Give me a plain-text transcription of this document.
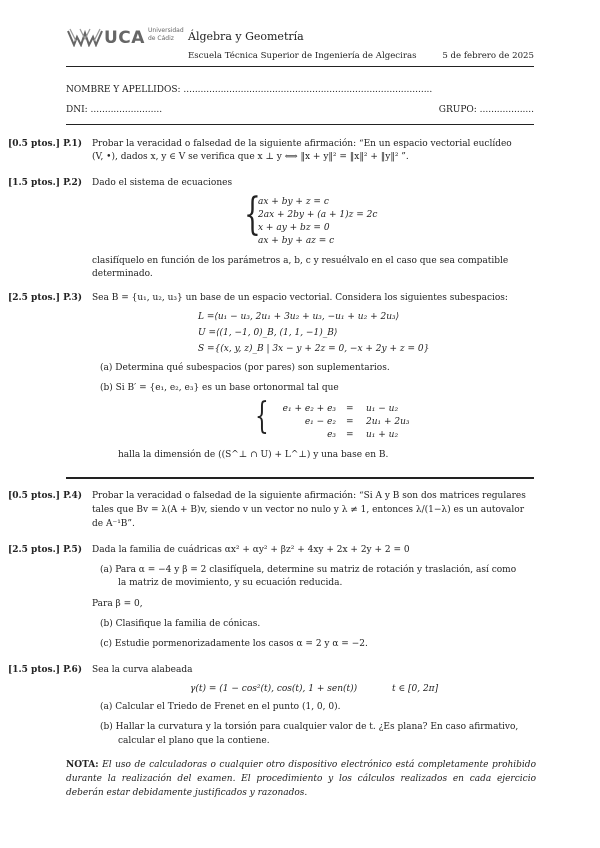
UCA Universidad
de Cádiz Álgebra y Geometría
Escuela Técnica Superior de Ingeniería de Algeciras	5 de febrero de 2025
NOMBRE Y APELLIDOS: .......................................................................................
DNI: .........................	GRUPO: ...................
[0.5 ptos.] P.1) Probar la veracidad o falsedad de la siguiente afirmación: “En un espacio vectorial euclídeo
(V, •), dados x, y ∈ V se verifica que x ⊥ y ⟺ ‖x + y‖² = ‖x‖² + ‖y‖² ”.
[1.5 ptos.] P.2) Dado el sistema de ecuaciones
{
ax + by + z = c
2ax + 2by + (a + 1)z = 2c
x + ay + bz = 0
ax + by + az = c
clasifíquelo en función de los parámetros a, b, c y resuélvalo en el caso que sea compatible
determinado.
[2.5 ptos.] P.3) Sea B = {u₁, u₂, u₃} un base de un espacio vectorial. Considera los siguientes subespacios:
L =⟨u₁ − u₃, 2u₁ + 3u₂ + u₃, −u₁ + u₂ + 2u₃⟩
U =⟨(1, −1, 0)_B, (1, 1, −1)_B⟩
S ={(x, y, z)_B | 3x − y + 2z = 0, −x + 2y + z = 0}
(a) Determina qué subespacios (por pares) son suplementarios.
(b) Si B′ = {e₁, e₂, e₃} es un base ortonormal tal que
{	e₁ + e₂ + e₃ = u₁ − u₂
e₁ − e₂ = 2u₁ + 2u₃
e₃ = u₁ + u₂
halla la dimensión de ((S^⊥ ∩ U) + L^⊥) y una base en B.
[0.5 ptos.] P.4) Probar la veracidad o falsedad de la siguiente afirmación: “Si A y B son dos matrices regulares
tales que Bv = λ(A + B)v, siendo v un vector no nulo y λ ≠ 1, entonces λ/(1−λ) es un autovalor
de A⁻¹B”.
[2.5 ptos.] P.5) Dada la familia de cuádricas αx² + αy² + βz² + 4xy + 2x + 2y + 2 = 0
(a) Para α = −4 y β = 2 clasifíquela, determine su matriz de rotación y traslación, así como
la matriz de movimiento, y su ecuación reducida.
Para β = 0,
(b) Clasifique la familia de cónicas.
(c) Estudie pormenorizadamente los casos α = 2 y α = −2.
[1.5 ptos.] P.6) Sea la curva alabeada
γ(t) = (1 − cos²(t), cos(t), 1 + sen(t))	t ∈ [0, 2π]
(a) Calcular el Triedo de Frenet en el punto (1, 0, 0).
(b) Hallar la curvatura y la torsión para cualquier valor de t. ¿Es plana? En caso afirmativo,
calcular el plano que la contiene.
NOTA: El uso de calculadoras o cualquier otro dispositivo electrónico está completamente prohibido durante la realización del examen. El procedimiento y los cálculos realizados en cada ejercicio deberán estar debidamente justificados y razonados.
